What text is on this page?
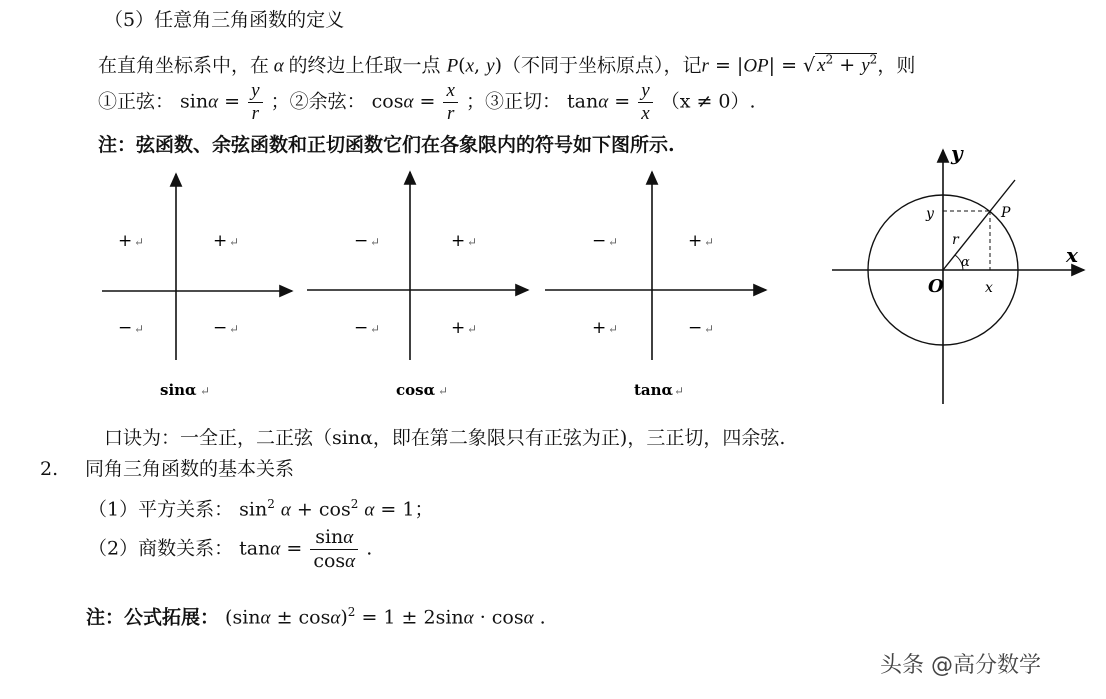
（5）任意角三角函数的定义
在直角坐标系中，在 α 的终边上任取一点 P(x, y)（不同于坐标原点），记r = |OP| = √ $x^2 + y^2$，则
①正弦： $\sin\alpha = \frac{y}{r}$ ；②余弦： $\cos\alpha = \frac{x}{r}$ ；③正切： $\tan\alpha = \frac{y}{x} (x \ne 0)$.
注：弦函数、余弦函数和正切函数它们在各象限内的符号如下图所示.
+ ↵	+ ↵
− ↵	− ↵
sinα ↵
− ↵	+ ↵
− ↵	+ ↵
cosα ↵
− ↵	+ ↵
+ ↵	− ↵
tanα ↵
x
y
O
P
r
α
x
y
口诀为：一全正，二正弦（sinα，即在第二象限只有正弦为正)，三正切，四余弦.
2. 同角三角函数的基本关系
（1）平方关系： $\sin^2 \alpha + \cos^2 \alpha = 1$；
（2）商数关系： $\tan\alpha = \frac{\sin\alpha}{\cos\alpha}$ .
注：公式拓展： $(\sin\alpha \pm \cos\alpha)^2 = 1 \pm 2\sin\alpha \cdot \cos\alpha$ .
头条 @高分数学
